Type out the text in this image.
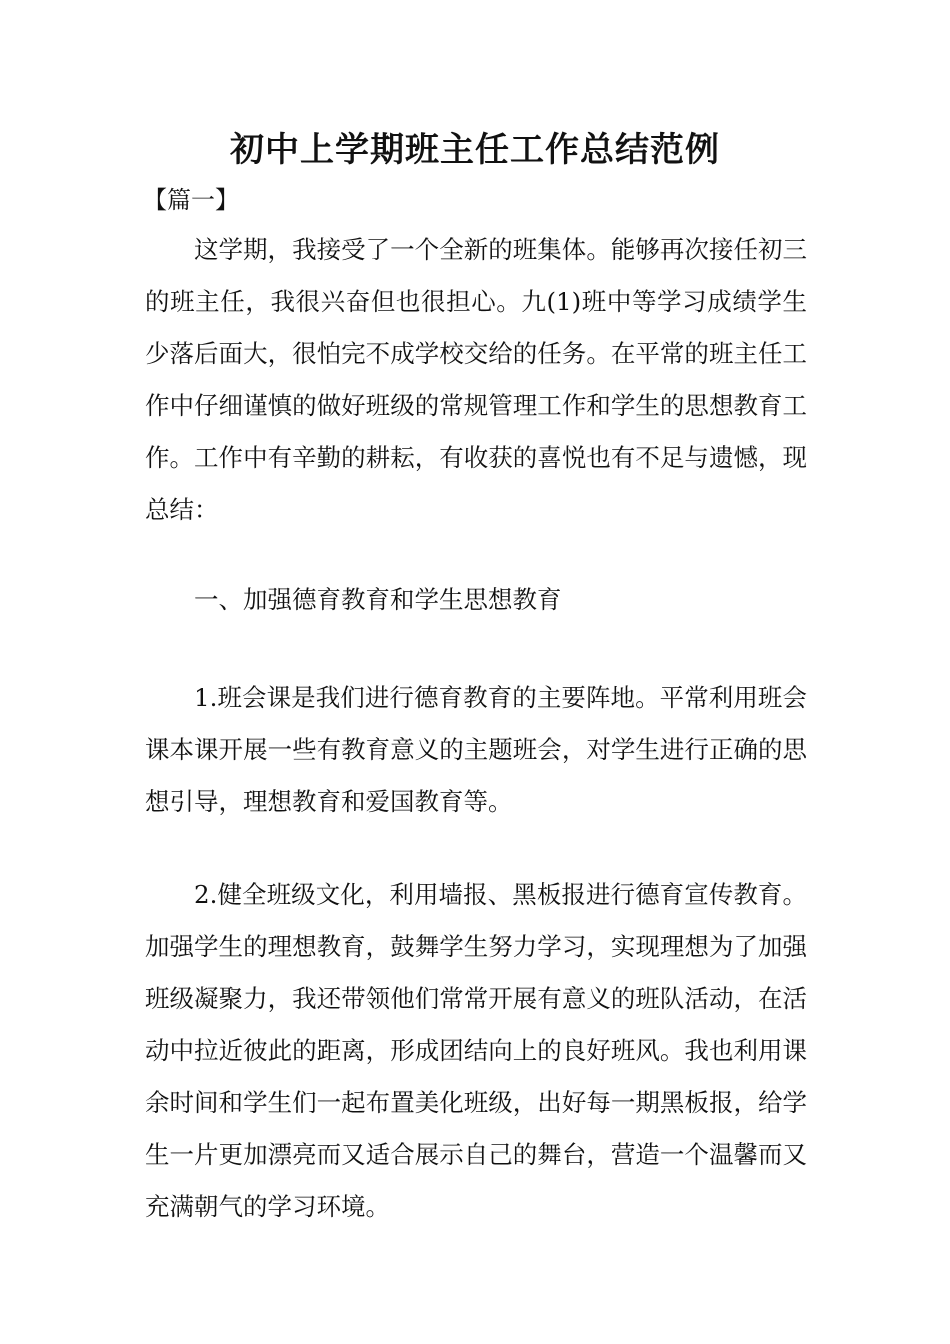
初中上学期班主任工作总结范例

【篇一】

这学期，我接受了一个全新的班集体。能够再次接任初三的班主任，我很兴奋但也很担心。九(1)班中等学习成绩学生少落后面大，很怕完不成学校交给的任务。在平常的班主任工作中仔细谨慎的做好班级的常规管理工作和学生的思想教育工作。工作中有辛勤的耕耘，有收获的喜悦也有不足与遗憾，现总结：

一、加强德育教育和学生思想教育

1.班会课是我们进行德育教育的主要阵地。平常利用班会课本课开展一些有教育意义的主题班会，对学生进行正确的思想引导，理想教育和爱国教育等。

2.健全班级文化，利用墙报、黑板报进行德育宣传教育。加强学生的理想教育，鼓舞学生努力学习，实现理想为了加强班级凝聚力，我还带领他们常常开展有意义的班队活动，在活动中拉近彼此的距离，形成团结向上的良好班风。我也利用课余时间和学生们一起布置美化班级，出好每一期黑板报，给学生一片更加漂亮而又适合展示自己的舞台，营造一个温馨而又充满朝气的学习环境。
